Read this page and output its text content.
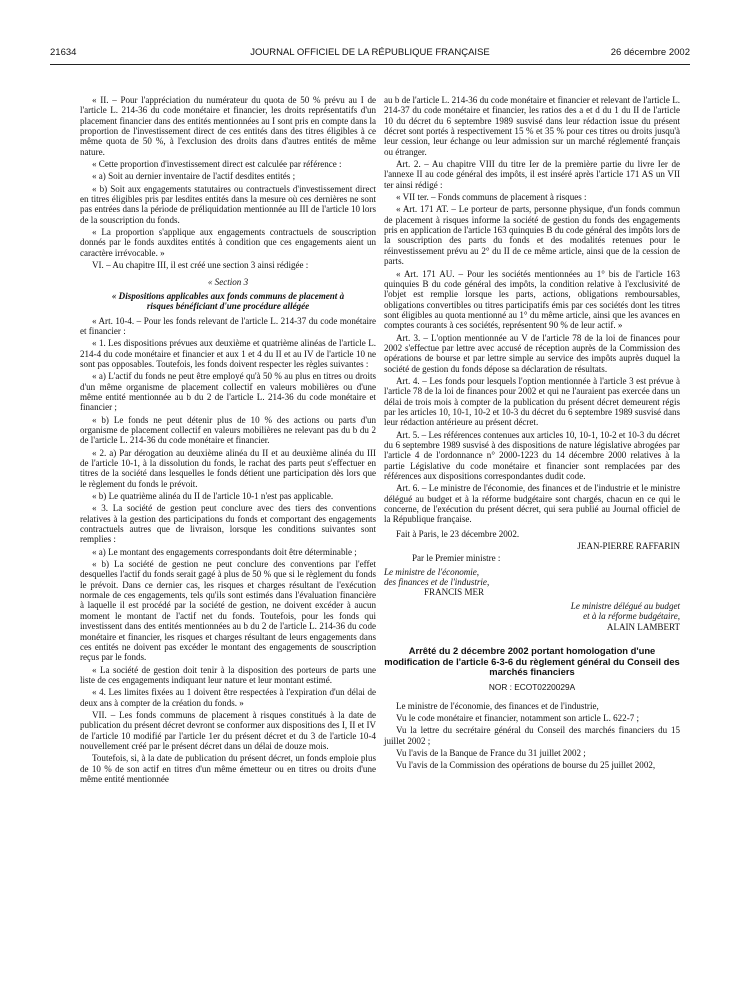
21634	JOURNAL OFFICIEL DE LA RÉPUBLIQUE FRANÇAISE	26 décembre 2002

« II. – Pour l'appréciation du numérateur du quota de 50 % prévu au I de l'article L. 214-36 du code monétaire et financier, les droits représentatifs d'un placement financier dans des entités mentionnées au I sont pris en compte dans la proportion de l'investissement direct de ces entités dans des titres éligibles à ce même quota de 50 %, à l'exclusion des droits dans d'autres entités de même nature.

« Cette proportion d'investissement direct est calculée par référence :

« a) Soit au dernier inventaire de l'actif desdites entités ;

« b) Soit aux engagements statutaires ou contractuels d'investissement direct en titres éligibles pris par lesdites entités dans la mesure où ces dernières ne sont pas entrées dans la période de préliquidation mentionnée au III de l'article 10 lors de la souscription du fonds.

« La proportion s'applique aux engagements contractuels de souscription donnés par le fonds auxdites entités à condition que ces engagements aient un caractère irrévocable. »

VI. – Au chapitre III, il est créé une section 3 ainsi rédigée :

« Section 3

« Dispositions applicables aux fonds communs de placement à risques bénéficiant d'une procédure allégée

« Art. 10-4. – Pour les fonds relevant de l'article L. 214-37 du code monétaire et financier :

« 1. Les dispositions prévues aux deuxième et quatrième alinéas de l'article L. 214-4 du code monétaire et financier et aux 1 et 4 du II et au IV de l'article 10 ne sont pas opposables. Toutefois, les fonds doivent respecter les règles suivantes :

« a) L'actif du fonds ne peut être employé qu'à 50 % au plus en titres ou droits d'un même organisme de placement collectif en valeurs mobilières ou d'une même entité mentionnée au b du 2 de l'article L. 214-36 du code monétaire et financier ;

« b) Le fonds ne peut détenir plus de 10 % des actions ou parts d'un organisme de placement collectif en valeurs mobilières ne relevant pas du b du 2 de l'article L. 214-36 du code monétaire et financier.

« 2. a) Par dérogation au deuxième alinéa du II et au deuxième alinéa du III de l'article 10-1, à la dissolution du fonds, le rachat des parts peut s'effectuer en titres de la société dans lesquelles le fonds détient une participation dès lors que le règlement du fonds le prévoit.

« b) Le quatrième alinéa du II de l'article 10-1 n'est pas applicable.

« 3. La société de gestion peut conclure avec des tiers des conventions relatives à la gestion des participations du fonds et comportant des engagements contractuels autres que de livraison, lorsque les conditions suivantes sont remplies :

« a) Le montant des engagements correspondants doit être déterminable ;

« b) La société de gestion ne peut conclure des conventions par l'effet desquelles l'actif du fonds serait gagé à plus de 50 % que si le règlement du fonds le prévoit. Dans ce dernier cas, les risques et charges résultant de l'exécution normale de ces engagements, tels qu'ils sont estimés dans l'évaluation financière à laquelle il est procédé par la société de gestion, ne doivent excéder à aucun moment le montant de l'actif net du fonds. Toutefois, pour les fonds qui investissent dans des entités mentionnées au b du 2 de l'article L. 214-36 du code monétaire et financier, les risques et charges résultant de leurs engagements dans ces entités ne doivent pas excéder le montant des engagements de souscription reçus par le fonds.

« La société de gestion doit tenir à la disposition des porteurs de parts une liste de ces engagements indiquant leur nature et leur montant estimé.

« 4. Les limites fixées au 1 doivent être respectées à l'expiration d'un délai de deux ans à compter de la création du fonds. »

VII. – Les fonds communs de placement à risques constitués à la date de publication du présent décret devront se conformer aux dispositions des I, II et IV de l'article 10 modifié par l'article 1er du présent décret et du 3 de l'article 10-4 nouvellement créé par le présent décret dans un délai de douze mois.

Toutefois, si, à la date de publication du présent décret, un fonds emploie plus de 10 % de son actif en titres d'un même émetteur ou en titres ou droits d'une même entité mentionnée

au b de l'article L. 214-36 du code monétaire et financier et relevant de l'article L. 214-37 du code monétaire et financier, les ratios des a et d du 1 du II de l'article 10 du décret du 6 septembre 1989 susvisé dans leur rédaction issue du présent décret sont portés à respectivement 15 % et 35 % pour ces titres ou droits jusqu'à leur cession, leur échange ou leur admission sur un marché réglementé français ou étranger.

Art. 2. – Au chapitre VIII du titre Ier de la première partie du livre Ier de l'annexe II au code général des impôts, il est inséré après l'article 171 AS un VII ter ainsi rédigé :

« VII ter. – Fonds communs de placement à risques :

« Art. 171 AT. – Le porteur de parts, personne physique, d'un fonds commun de placement à risques informe la société de gestion du fonds des engagements pris en application de l'article 163 quinquies B du code général des impôts lors de la souscription des parts du fonds et des modalités retenues pour le réinvestissement prévu au 2° du II de ce même article, ainsi que de la cession de parts.

« Art. 171 AU. – Pour les sociétés mentionnées au 1° bis de l'article 163 quinquies B du code général des impôts, la condition relative à l'exclusivité de l'objet est remplie lorsque les parts, actions, obligations remboursables, obligations convertibles ou titres participatifs émis par ces sociétés dont les titres sont éligibles au quota mentionné au 1° du même article, ainsi que les avances en comptes courants à ces sociétés, représentent 90 % de leur actif. »

Art. 3. – L'option mentionnée au V de l'article 78 de la loi de finances pour 2002 s'effectue par lettre avec accusé de réception auprès de la Commission des opérations de bourse et par lettre simple au service des impôts auprès duquel la société de gestion du fonds dépose sa déclaration de résultats.

Art. 4. – Les fonds pour lesquels l'option mentionnée à l'article 3 est prévue à l'article 78 de la loi de finances pour 2002 et qui ne l'auraient pas exercée dans un délai de trois mois à compter de la publication du présent décret demeurent régis par les articles 10, 10-1, 10-2 et 10-3 du décret du 6 septembre 1989 susvisé dans leur rédaction antérieure au présent décret.

Art. 5. – Les références contenues aux articles 10, 10-1, 10-2 et 10-3 du décret du 6 septembre 1989 susvisé à des dispositions de nature législative abrogées par l'article 4 de l'ordonnance n° 2000-1223 du 14 décembre 2000 relatives à la partie Législative du code monétaire et financier sont remplacées par des références aux dispositions correspondantes dudit code.

Art. 6. – Le ministre de l'économie, des finances et de l'industrie et le ministre délégué au budget et à la réforme budgétaire sont chargés, chacun en ce qui le concerne, de l'exécution du présent décret, qui sera publié au Journal officiel de la République française.

Fait à Paris, le 23 décembre 2002.

JEAN-PIERRE RAFFARIN

Par le Premier ministre :

Le ministre de l'économie,

des finances et de l'industrie,

FRANCIS MER

Le ministre délégué au budget

et à la réforme budgétaire,

ALAIN LAMBERT

Arrêté du 2 décembre 2002 portant homologation d'une modification de l'article 6-3-6 du règlement général du Conseil des marchés financiers
NOR : ECOT0220029A

Le ministre de l'économie, des finances et de l'industrie,

Vu le code monétaire et financier, notamment son article L. 622-7 ;

Vu la lettre du secrétaire général du Conseil des marchés financiers du 15 juillet 2002 ;

Vu l'avis de la Banque de France du 31 juillet 2002 ;

Vu l'avis de la Commission des opérations de bourse du 25 juillet 2002,
